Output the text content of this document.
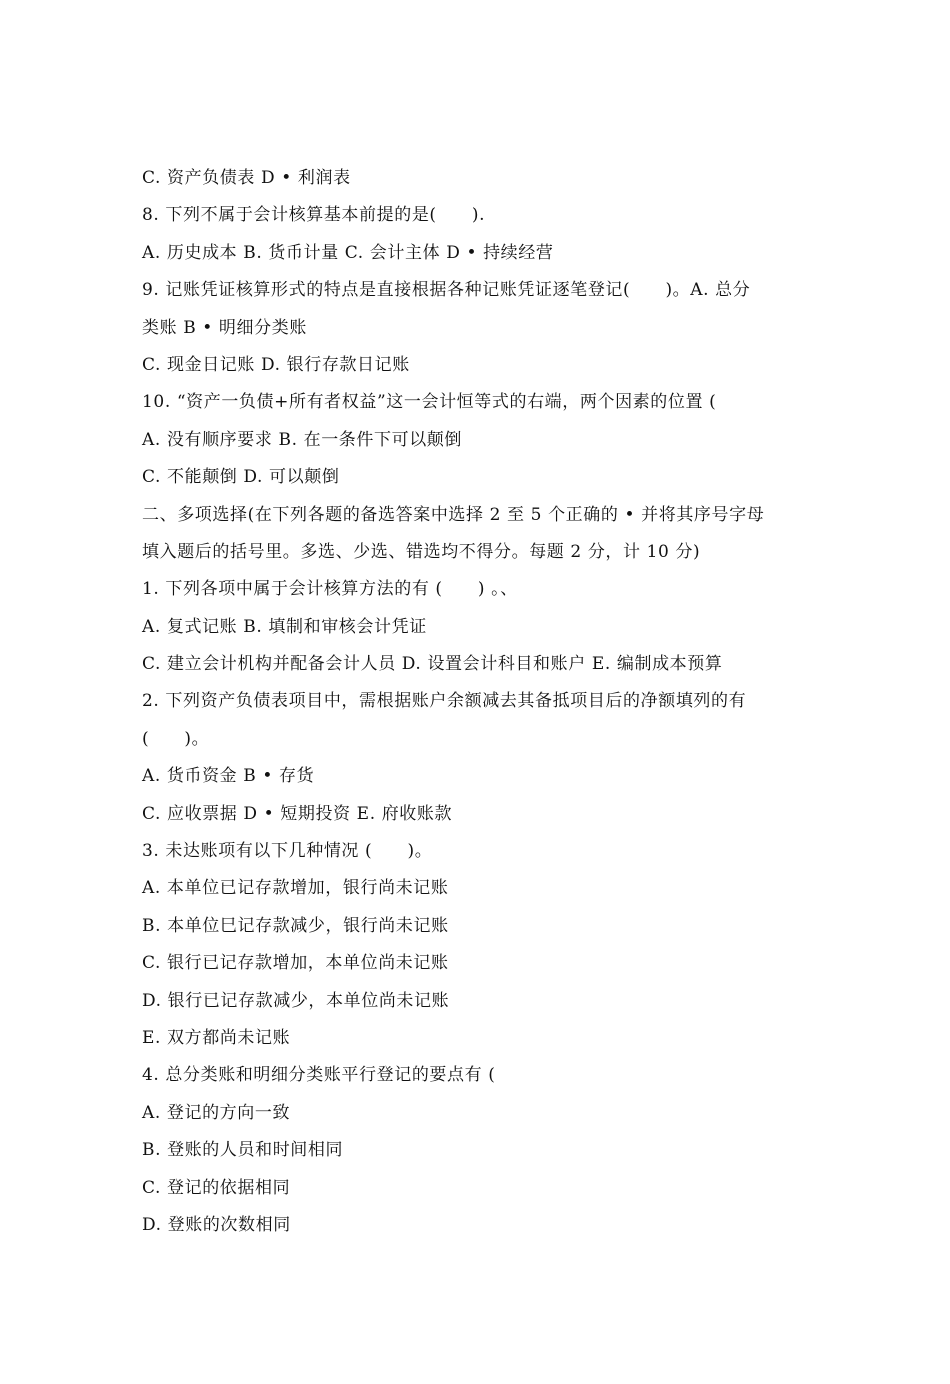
C. 资产负债表 D • 利润表
8. 下列不属于会计核算基本前提的是(　　).
A. 历史成本 B. 货币计量 C. 会计主体 D • 持续经营
9. 记账凭证核算形式的特点是直接根据各种记账凭证逐笔登记(　　)。A. 总分
类账 B • 明细分类账
C. 现金日记账 D. 银行存款日记账
10. “资产一负债+所有者权益”这一会计恒等式的右端，两个因素的位置 (
A. 没有顺序要求 B. 在一条件下可以颠倒
C. 不能颠倒 D. 可以颠倒
二、多项选择(在下列各题的备选答案中选择 2 至 5 个正确的 • 并将其序号字母
填入题后的括号里。多选、少选、错选均不得分。每题 2 分，计 10 分)
1. 下列各项中属于会计核算方法的有 (　　) 。、
A. 复式记账 B. 填制和审核会计凭证
C. 建立会计机构并配备会计人员 D. 设置会计科目和账户 E. 编制成本预算
2. 下列资产负债表项目中，需根据账户余额减去其备抵项目后的净额填列的有
(　　)。
A. 货币资金 B • 存货
C. 应收票据 D • 短期投资 E. 府收账款
3. 未达账项有以下几种情况 (　　)。
A. 本单位已记存款增加，银行尚未记账
B. 本单位巳记存款减少，银行尚未记账
C. 银行已记存款增加，本单位尚未记账
D. 银行已记存款减少，本单位尚未记账
E. 双方都尚未记账
4. 总分类账和明细分类账平行登记的要点有 (
A. 登记的方向一致
B. 登账的人员和时间相同
C. 登记的依据相同
D. 登账的次数相同
